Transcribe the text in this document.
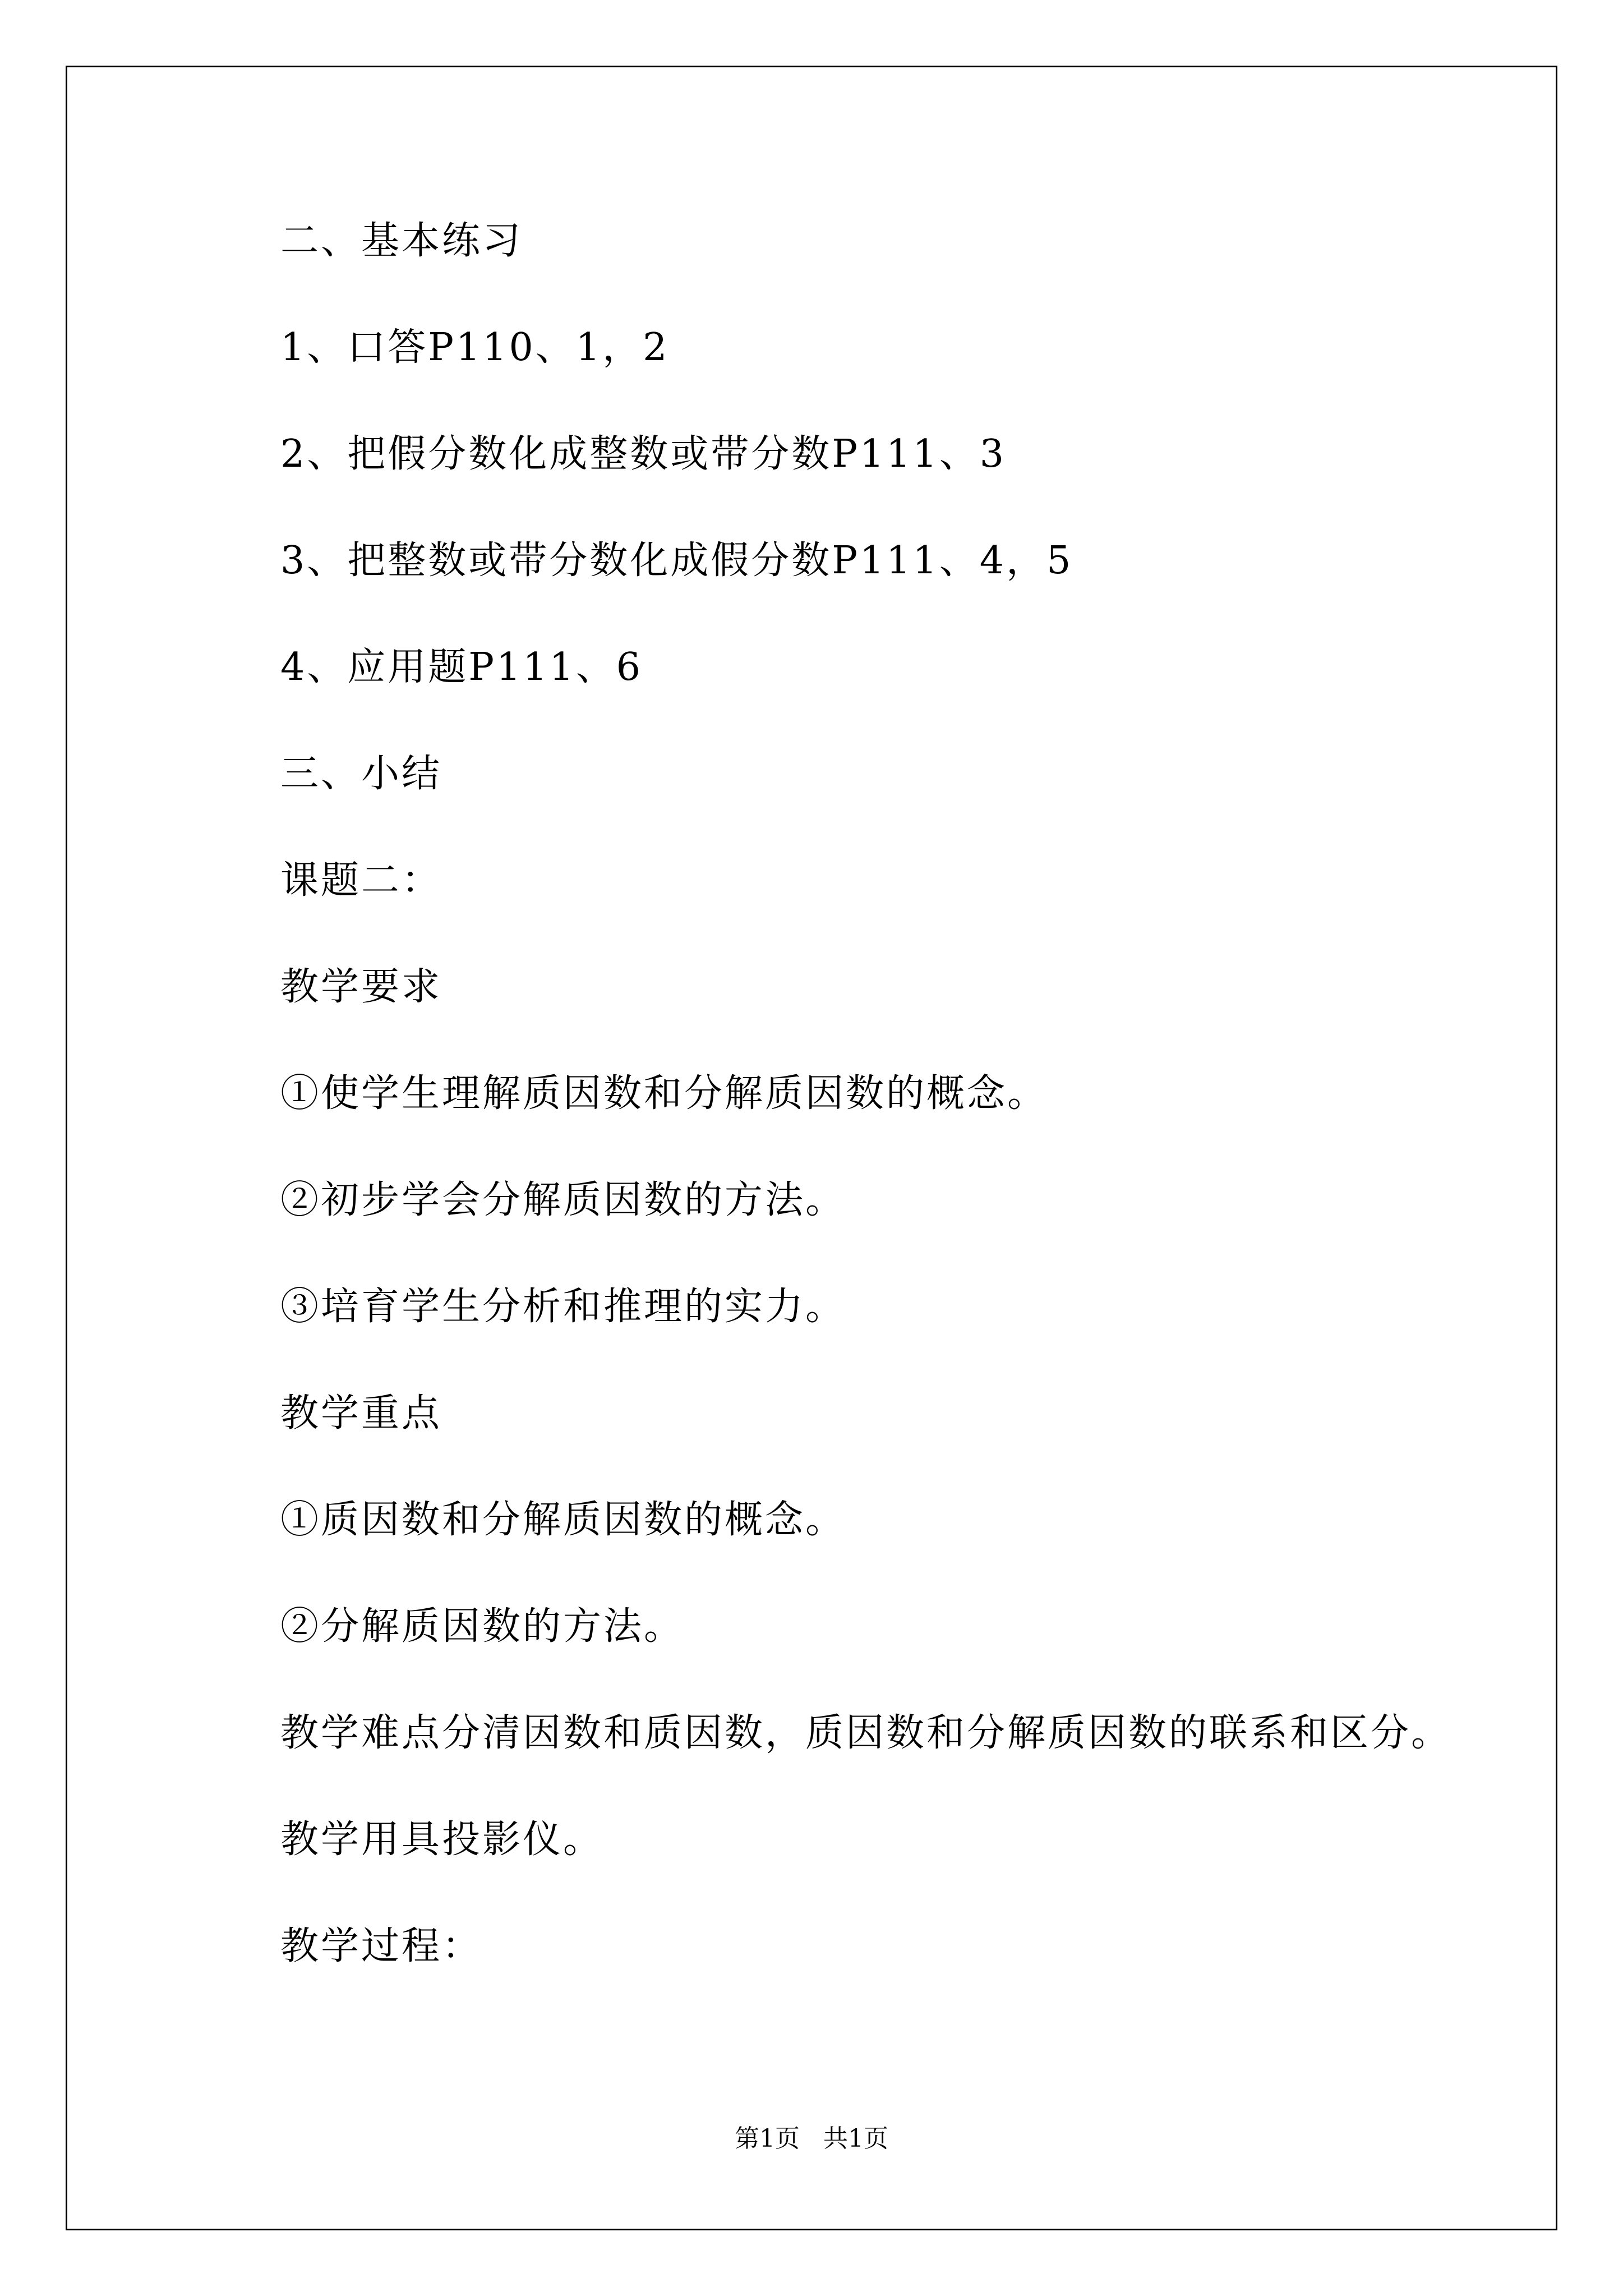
二、基本练习
1、口答P110、1，2
2、把假分数化成整数或带分数P111、3
3、把整数或带分数化成假分数P111、4，5
4、应用题P111、6
三、小结
课题二：
教学要求
①使学生理解质因数和分解质因数的概念。
②初步学会分解质因数的方法。
③培育学生分析和推理的实力。
教学重点
①质因数和分解质因数的概念。
②分解质因数的方法。
教学难点分清因数和质因数，质因数和分解质因数的联系和区分。
教学用具投影仪。
教学过程：
第1页   共1页
